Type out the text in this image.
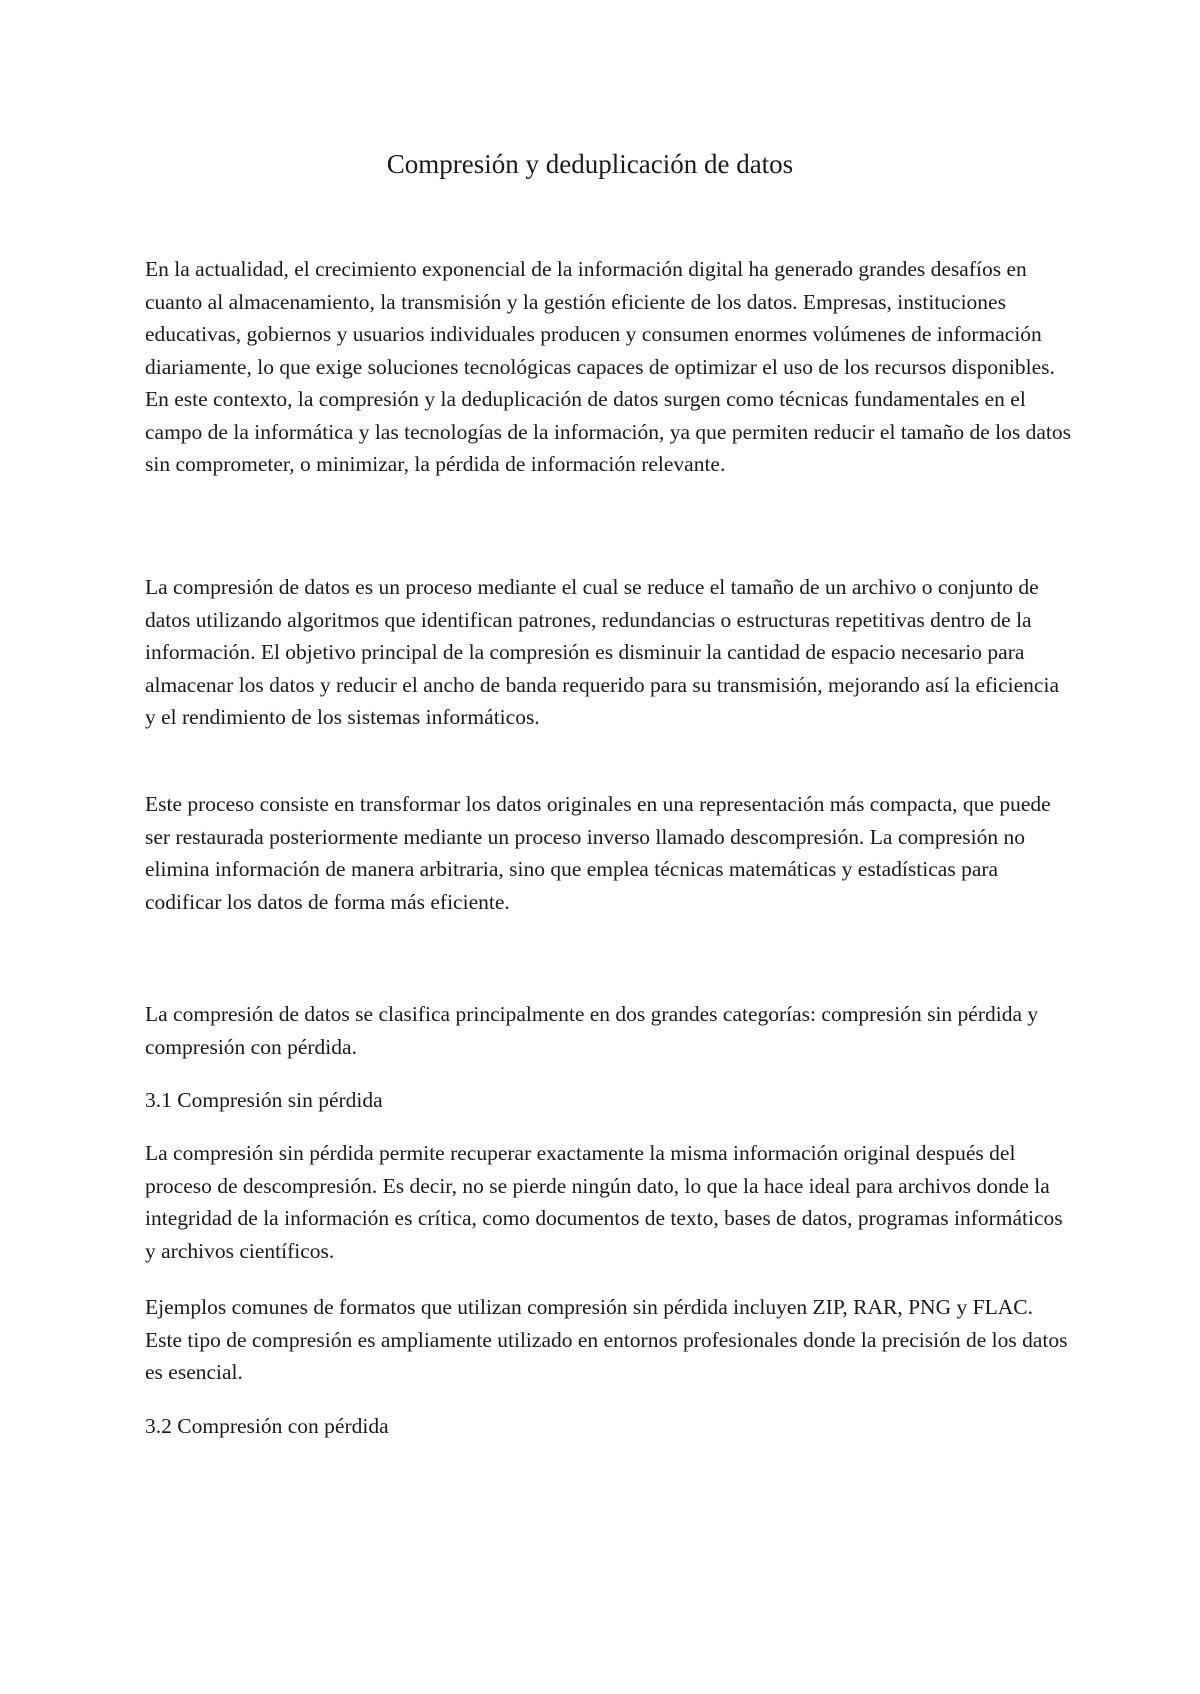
Compresión y deduplicación de datos

En la actualidad, el crecimiento exponencial de la información digital ha generado grandes desafíos en cuanto al almacenamiento, la transmisión y la gestión eficiente de los datos. Empresas, instituciones educativas, gobiernos y usuarios individuales producen y consumen enormes volúmenes de información diariamente, lo que exige soluciones tecnológicas capaces de optimizar el uso de los recursos disponibles. En este contexto, la compresión y la deduplicación de datos surgen como técnicas fundamentales en el campo de la informática y las tecnologías de la información, ya que permiten reducir el tamaño de los datos sin comprometer, o minimizar, la pérdida de información relevante.

La compresión de datos es un proceso mediante el cual se reduce el tamaño de un archivo o conjunto de datos utilizando algoritmos que identifican patrones, redundancias o estructuras repetitivas dentro de la información. El objetivo principal de la compresión es disminuir la cantidad de espacio necesario para almacenar los datos y reducir el ancho de banda requerido para su transmisión, mejorando así la eficiencia y el rendimiento de los sistemas informáticos.

Este proceso consiste en transformar los datos originales en una representación más compacta, que puede ser restaurada posteriormente mediante un proceso inverso llamado descompresión. La compresión no elimina información de manera arbitraria, sino que emplea técnicas matemáticas y estadísticas para codificar los datos de forma más eficiente.

La compresión de datos se clasifica principalmente en dos grandes categorías: compresión sin pérdida y compresión con pérdida.

3.1 Compresión sin pérdida

La compresión sin pérdida permite recuperar exactamente la misma información original después del proceso de descompresión. Es decir, no se pierde ningún dato, lo que la hace ideal para archivos donde la integridad de la información es crítica, como documentos de texto, bases de datos, programas informáticos y archivos científicos.

Ejemplos comunes de formatos que utilizan compresión sin pérdida incluyen ZIP, RAR, PNG y FLAC. Este tipo de compresión es ampliamente utilizado en entornos profesionales donde la precisión de los datos es esencial.

3.2 Compresión con pérdida
